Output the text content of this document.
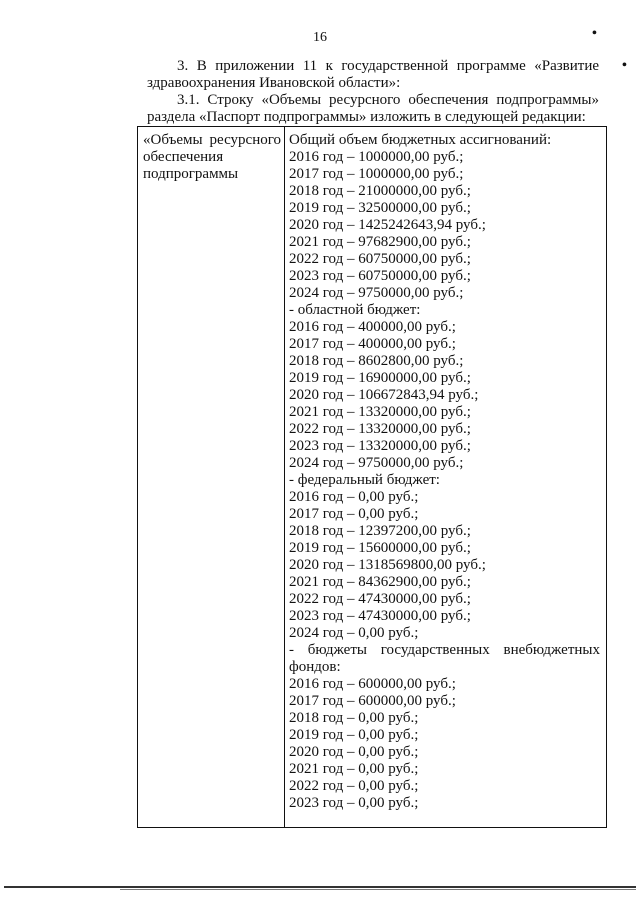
16	•
•
3. В приложении 11 к государственной программе «Развитие
здравоохранения Ивановской области»:
3.1. Строку «Объемы ресурсного обеспечения подпрограммы»
раздела «Паспорт подпрограммы» изложить в следующей редакции:
«Объемы ресурсного
обеспечения
подпрограммы
Общий объем бюджетных ассигнований:
2016 год – 1000000,00 руб.;
2017 год – 1000000,00 руб.;
2018 год – 21000000,00 руб.;
2019 год – 32500000,00 руб.;
2020 год – 1425242643,94 руб.;
2021 год – 97682900,00 руб.;
2022 год – 60750000,00 руб.;
2023 год – 60750000,00 руб.;
2024 год – 9750000,00 руб.;
- областной бюджет:
2016 год – 400000,00 руб.;
2017 год – 400000,00 руб.;
2018 год – 8602800,00 руб.;
2019 год – 16900000,00 руб.;
2020 год – 106672843,94 руб.;
2021 год – 13320000,00 руб.;
2022 год – 13320000,00 руб.;
2023 год – 13320000,00 руб.;
2024 год – 9750000,00 руб.;
- федеральный бюджет:
2016 год – 0,00 руб.;
2017 год – 0,00 руб.;
2018 год – 12397200,00 руб.;
2019 год – 15600000,00 руб.;
2020 год – 1318569800,00 руб.;
2021 год – 84362900,00 руб.;
2022 год – 47430000,00 руб.;
2023 год – 47430000,00 руб.;
2024 год – 0,00 руб.;
- бюджеты государственных внебюджетных
фондов:
2016 год – 600000,00 руб.;
2017 год – 600000,00 руб.;
2018 год – 0,00 руб.;
2019 год – 0,00 руб.;
2020 год – 0,00 руб.;
2021 год – 0,00 руб.;
2022 год – 0,00 руб.;
2023 год – 0,00 руб.;
